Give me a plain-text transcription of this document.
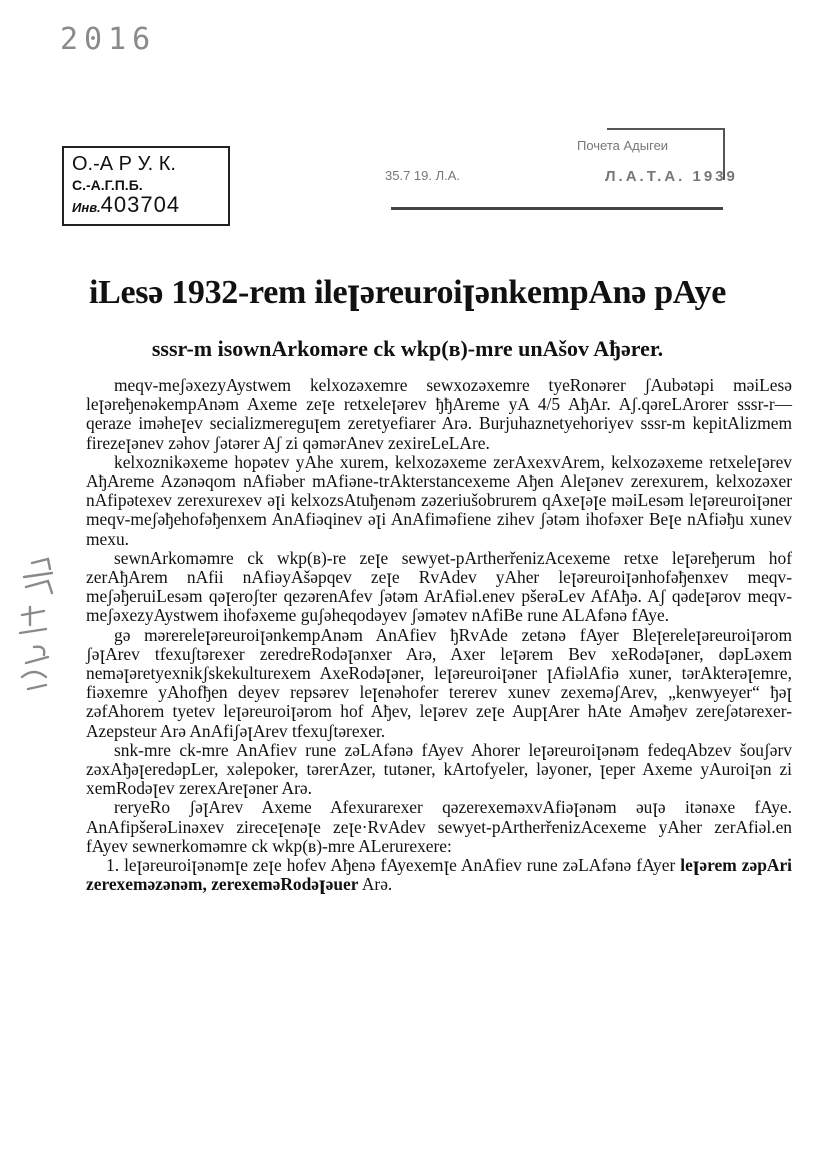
2016
О.-А Р У. К.
С.-А.Г.П.Б.
Инв.403704
Почета Адыгеи
35.7 19. Л.А.	Л.А.Т.А. 1939
iLesə 1932-rem ileꞁəreuroiꞁənkempAnə pAye
sssr-m isownArkomərе ck wkp(в)-mre unAšov Aђərer.

meqv-meʃəxezyAystwem kelxozəxemre sewxozəxemre tyeRonərer ʃAubətəpi məiLesə leꞁəreђenəkempAnəm Axeme zeꞁe retxeleꞁərev ђђAreme yA 4/5 AђAr. Aʃ.qəreLArorer sssr-r—qeraze iməheꞁev secializmereguꞁem zeretyefiarer Arə. Burjuhaznetyehoriyev sssr-m kepitAlizmem firezeꞁənev zəhov ʃətərer Aʃ zi qəmərAnev zexireLeLAre.

kelxoznikəxeme hopətev yAhe xurem, kelxozəxeme zerAxexvArem, kelxozəxeme retxeleꞁərev AђAreme Azənəqom nAfiəber mAfiəne-trAkterstancexeme Aђen Aleꞁənev zerexurem, kelxozəxer nAfipətexev zerexurexev əꞁi kelxozsAtuђenəm zəzeriušobrurem qAxeꞁəꞁe məiLesəm leꞁəreuroiꞁəner meqv-meʃəђehofəђenxem AnAfiəqinev əꞁi AnAfiməfiene zihev ʃətəm ihofəxer Beꞁe nAfiəђu xunev mexu.

sewnArkoməmre ck wkp(в)-re zeꞁe sewyet-pArtherřenizAcexeme retxe leꞁəreђerum hof zerAђArem nAfii nAfiəyAšəpqev zeꞁe RvAdev yAher leꞁəreuroiꞁənhofəђenxev meqv-meʃəђeruiLesəm qəꞁeroʃter qezərenAfev ʃətəm ArAfiəl.enev pšerəLev AfAђə. Aʃ qədeꞁərov meqv-meʃəxezyAystwem ihofəxeme guʃəheqodəyev ʃəmətev nAfiBe rune ALAfənə fAye.

gə mərereleꞁəreuroiꞁənkempAnəm AnAfiev ђRvAde zetənə fAyer Bleꞁereleꞁəreuroiꞁərom ʃəꞁArev tfexuʃtərexer zeredreRodəꞁənxer Arə, Axer leꞁərem Bev xeRodəꞁəner, dəpLəxem neməꞁəretyexnikʃskekulturexem AxeRodəꞁəner, leꞁəreuroiꞁəner ꞁAfiəlAfiə xuner, tərAkterəꞁemre, fiəxemre yAhofђen deyev repsərev leꞁenəhofer tererev xunev zexeməʃArev, „kenwyeyer“ ђəꞁ zəfAhorem tyetev leꞁəreuroiꞁərom hof Aђev, leꞁərev zeꞁe AupꞁArer hAte Aməђev zereʃətərexer-Azepsteur Arə AnAfiʃəꞁArev tfexuʃtərexer.

snk-mre ck-mre AnAfiev rune zəLAfənə fAyev Ahorer leꞁəreuroiꞁənəm fedeqAbzev šouʃərv zəxAђəꞁeredəpLer, xəlepoker, tərerAzer, tutəner, kArtofyeler, ləyoner, ꞁeper Axeme yAuroiꞁən zi xemRodəꞁev zerexAreꞁəner Arə.

reryeRo ʃəꞁArev Axeme Afexurarexer qəzerexeməxvAfiəꞁənəm əuꞁə itənəxe fAye. AnAfipšerəLinəxev zireceꞁenəꞁe zeꞁe·RvAdev sewyet-pArtherřenizAcexeme yAher zerAfiəl.en fAyev sewnerkoməmre ck wkp(в)-mre ALerurexere:

1. leꞁəreuroiꞁənəmꞁe zeꞁe hofev Aђenə fAyexemꞁe AnAfiev rune zəLAfənə fAyer leꞁərem zəpAri zerexeməzənəm, zerexeməRodəꞁəuer Arə.
